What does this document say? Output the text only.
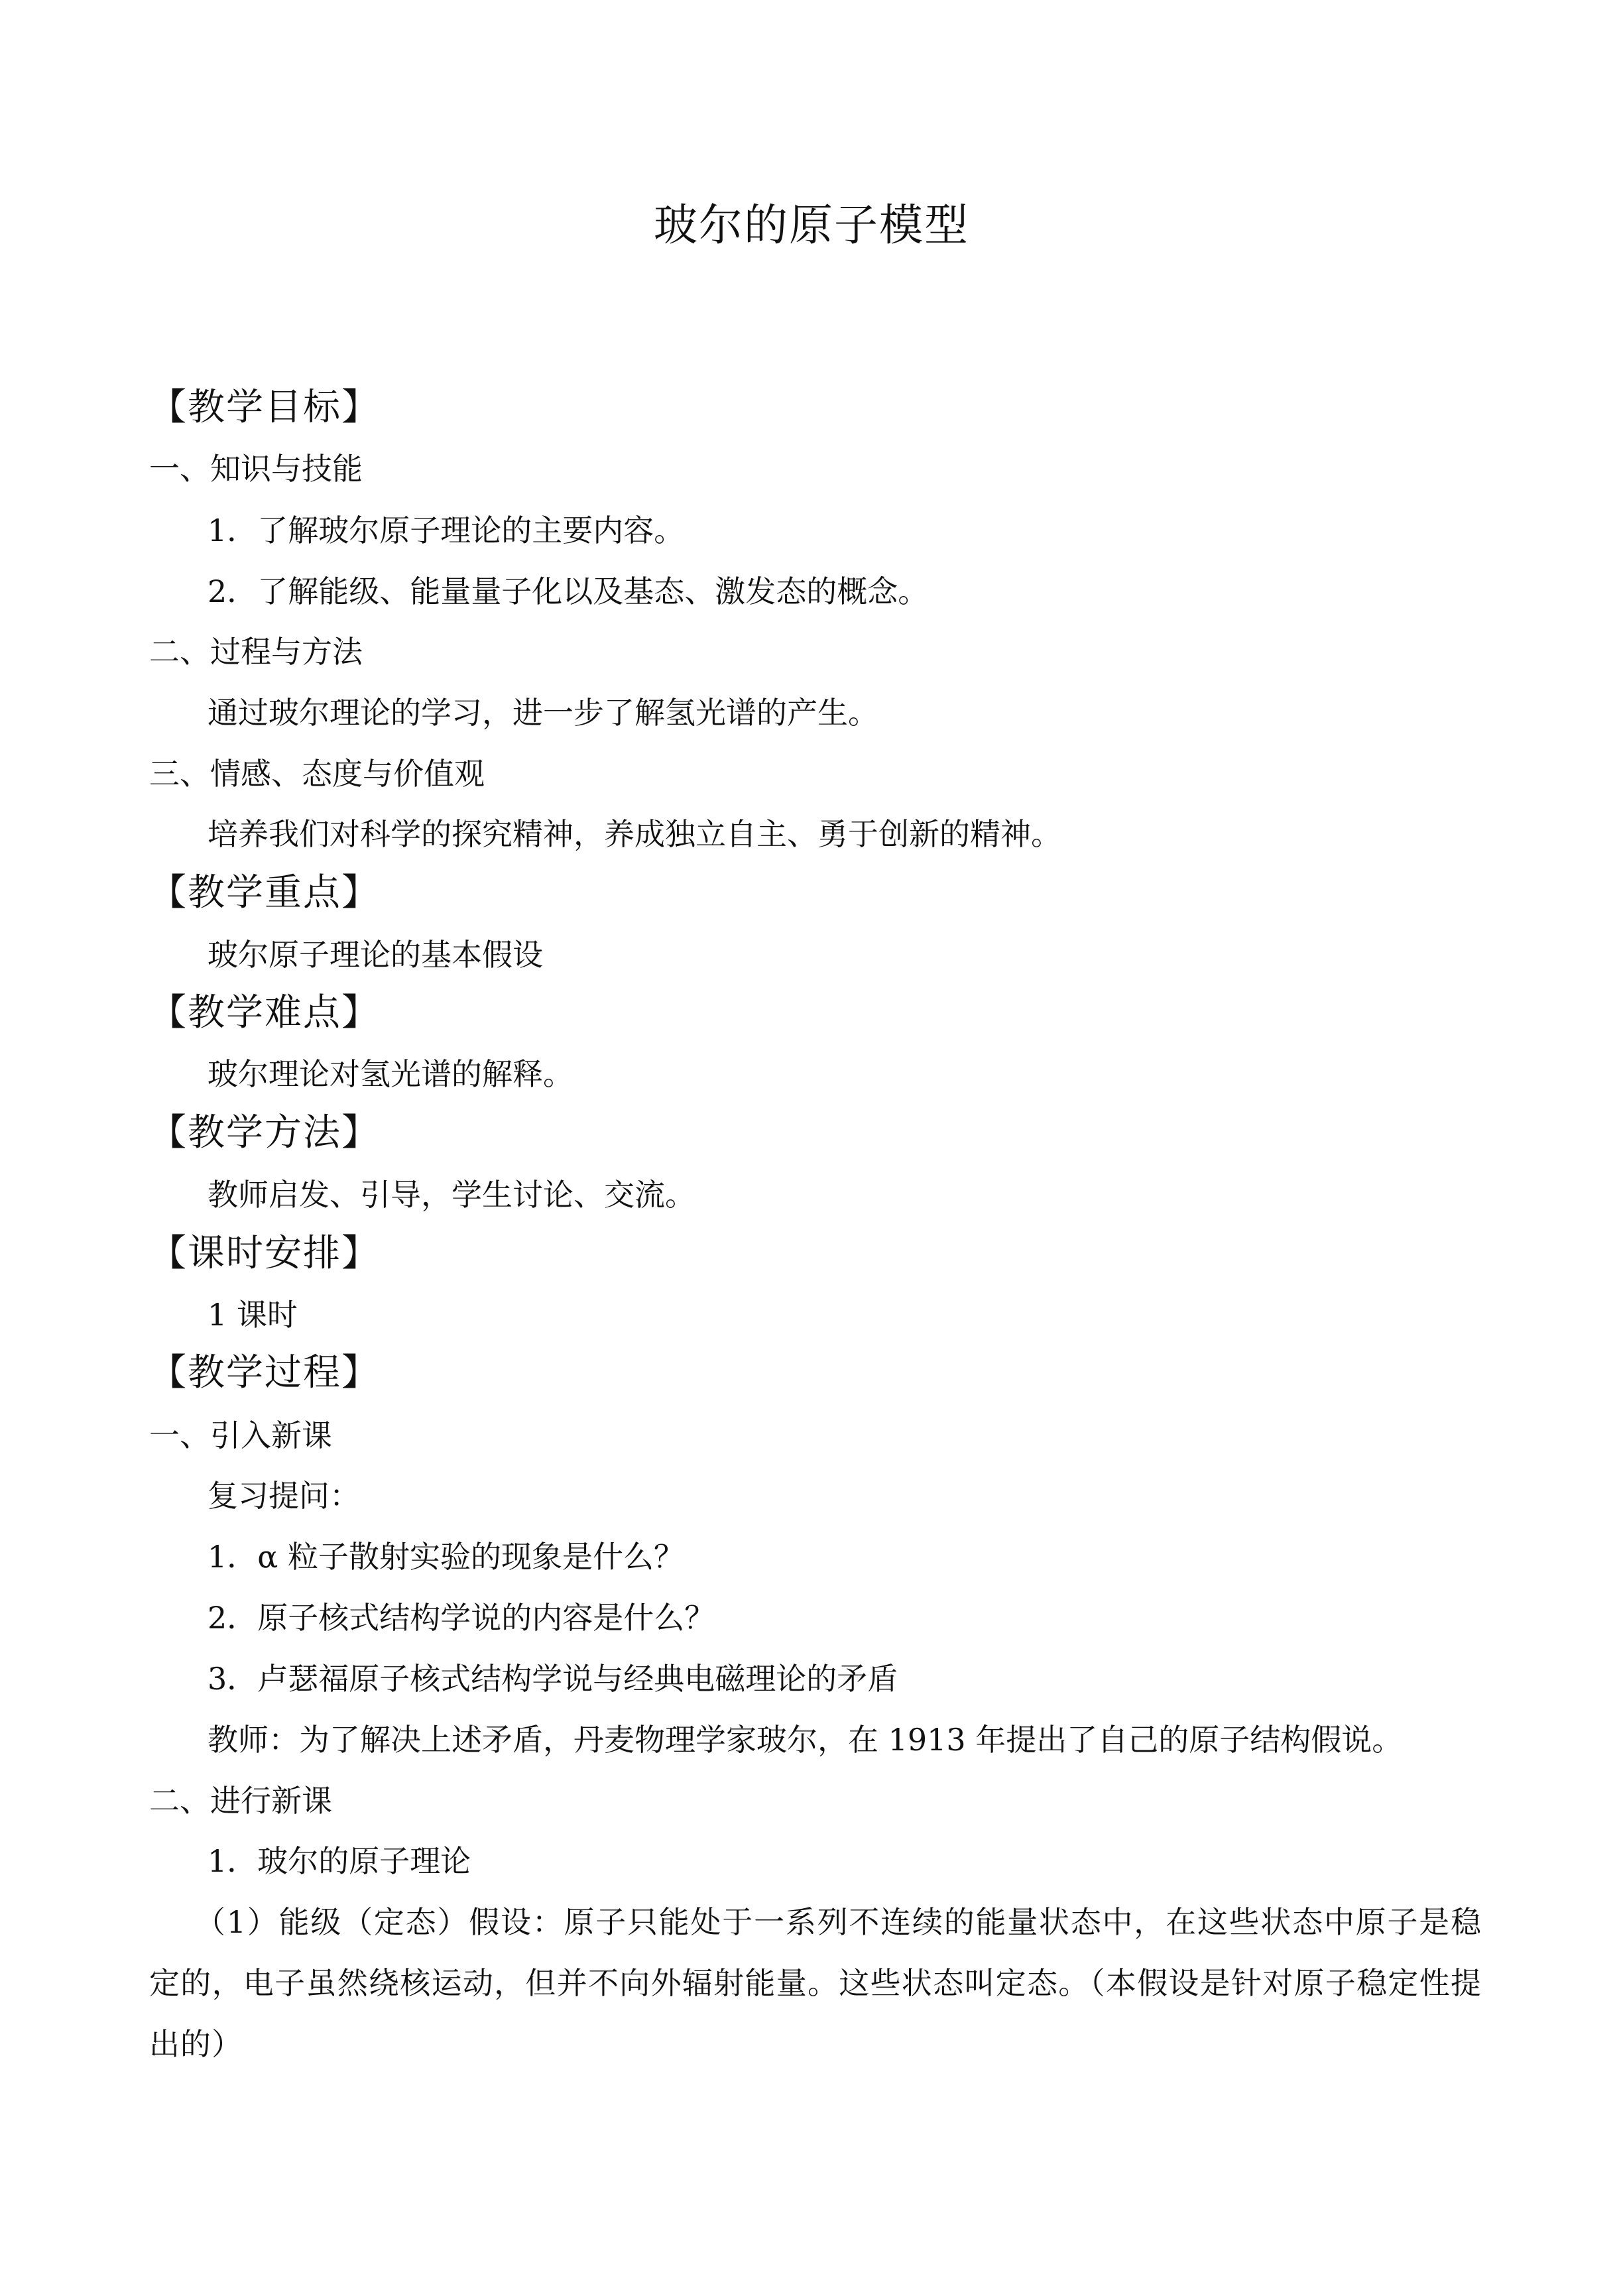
玻尔的原子模型
【教学目标】
一、知识与技能
1．了解玻尔原子理论的主要内容。
2．了解能级、能量量子化以及基态、激发态的概念。
二、过程与方法
通过玻尔理论的学习，进一步了解氢光谱的产生。
三、情感、态度与价值观
培养我们对科学的探究精神，养成独立自主、勇于创新的精神。
【教学重点】
玻尔原子理论的基本假设
【教学难点】
玻尔理论对氢光谱的解释。
【教学方法】
教师启发、引导，学生讨论、交流。
【课时安排】
1 课时
【教学过程】
一、引入新课
复习提问：
1．α 粒子散射实验的现象是什么？
2．原子核式结构学说的内容是什么？
3．卢瑟福原子核式结构学说与经典电磁理论的矛盾
教师：为了解决上述矛盾，丹麦物理学家玻尔，在 1913 年提出了自己的原子结构假说。
二、进行新课
1．玻尔的原子理论
（1）能级（定态）假设：原子只能处于一系列不连续的能量状态中，在这些状态中原子是稳定的，电子虽然绕核运动，但并不向外辐射能量。这些状态叫定态。（本假设是针对原子稳定性提出的）
